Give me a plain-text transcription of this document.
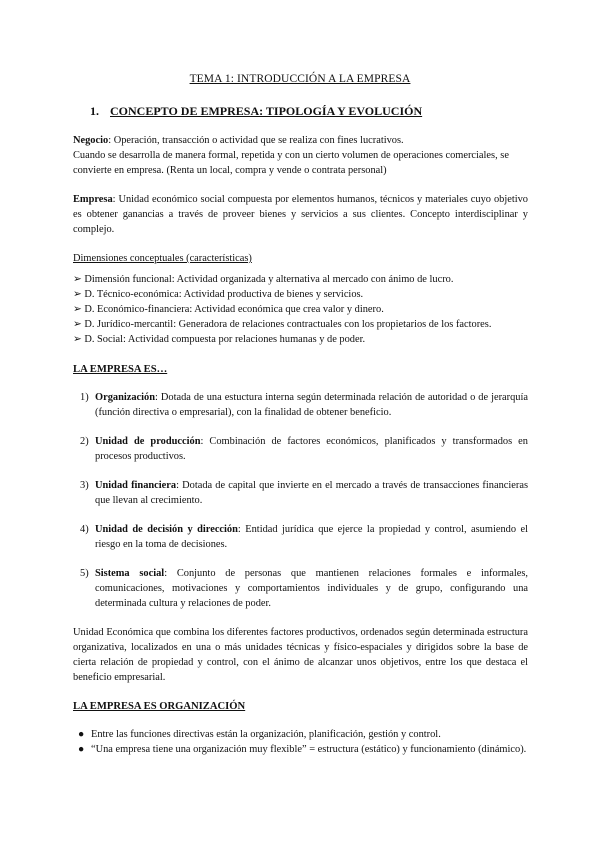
TEMA 1: INTRODUCCIÓN A LA EMPRESA
1. CONCEPTO DE EMPRESA: TIPOLOGÍA Y EVOLUCIÓN
Negocio: Operación, transacción o actividad que se realiza con fines lucrativos.
Cuando se desarrolla de manera formal, repetida y con un cierto volumen de operaciones comerciales, se convierte en empresa. (Renta un local, compra y vende o contrata personal)
Empresa: Unidad económico social compuesta por elementos humanos, técnicos y materiales cuyo objetivo es obtener ganancias a través de proveer bienes y servicios a sus clientes. Concepto interdisciplinar y complejo.
Dimensiones conceptuales (características)
➢ Dimensión funcional: Actividad organizada y alternativa al mercado con ánimo de lucro.
➢ D. Técnico-económica: Actividad productiva de bienes y servicios.
➢ D. Económico-financiera: Actividad económica que crea valor y dinero.
➢ D. Jurídico-mercantil: Generadora de relaciones contractuales con los propietarios de los factores.
➢ D. Social: Actividad compuesta por relaciones humanas y de poder.
LA EMPRESA ES…
1) Organización: Dotada de una estuctura interna según determinada relación de autoridad o de jerarquía (función directiva o empresarial), con la finalidad de obtener beneficio.
2) Unidad de producción: Combinación de factores económicos, planificados y transformados en procesos productivos.
3) Unidad financiera: Dotada de capital que invierte en el mercado a través de transacciones financieras que llevan al crecimiento.
4) Unidad de decisión y dirección: Entidad jurídica que ejerce la propiedad y control, asumiendo el riesgo en la toma de decisiones.
5) Sistema social: Conjunto de personas que mantienen relaciones formales e informales, comunicaciones, motivaciones y comportamientos individuales y de grupo, configurando una determinada cultura y relaciones de poder.
Unidad Económica que combina los diferentes factores productivos, ordenados según determinada estructura organizativa, localizados en una o más unidades técnicas y físico-espaciales y dirigidos sobre la base de cierta relación de propiedad y control, con el ánimo de alcanzar unos objetivos, entre los que destaca el beneficio empresarial.
LA EMPRESA ES ORGANIZACIÓN
● Entre las funciones directivas están la organización, planificación, gestión y control.
● “Una empresa tiene una organización muy flexible” = estructura (estático) y funcionamiento (dinámico).
